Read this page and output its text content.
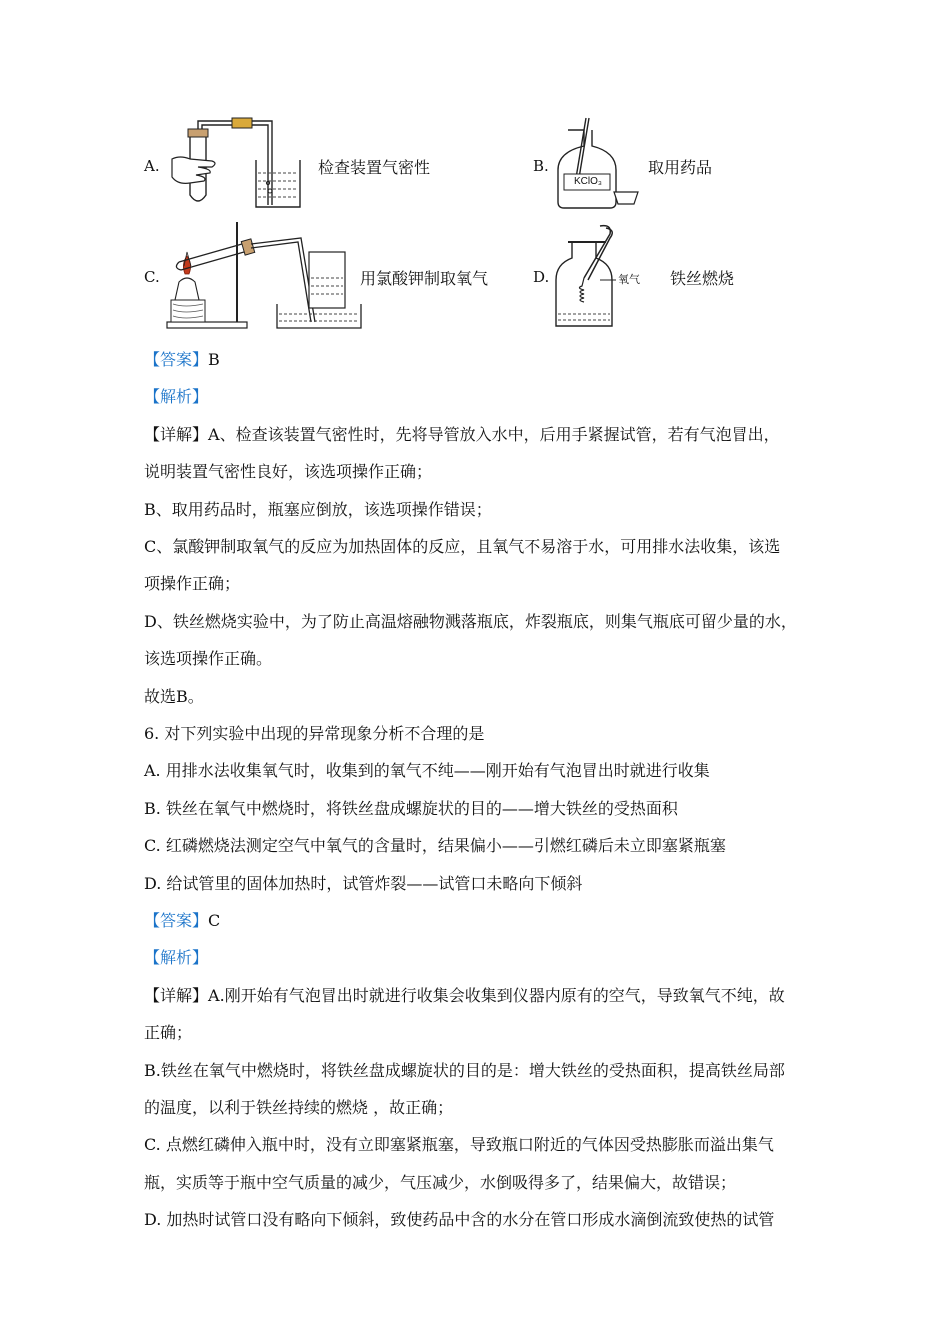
A.	检查装置气密性	B.
KClO₃
取用药品
C.	用氯酸钾制取氧气	D.	氧气 铁丝燃烧
【答案】B
【解析】
【详解】A、检查该装置气密性时，先将导管放入水中，后用手紧握试管，若有气泡冒出，
说明装置气密性良好，该选项操作正确；
B、取用药品时，瓶塞应倒放，该选项操作错误；
C、氯酸钾制取氧气的反应为加热固体的反应，且氧气不易溶于水，可用排水法收集，该选
项操作正确；
D、铁丝燃烧实验中，为了防止高温熔融物溅落瓶底，炸裂瓶底，则集气瓶底可留少量的水，
该选项操作正确。
故选B。
6. 对下列实验中出现的异常现象分析不合理的是
A. 用排水法收集氧气时，收集到的氧气不纯——刚开始有气泡冒出时就进行收集
B. 铁丝在氧气中燃烧时，将铁丝盘成螺旋状的目的——增大铁丝的受热面积
C. 红磷燃烧法测定空气中氧气的含量时，结果偏小——引燃红磷后未立即塞紧瓶塞
D. 给试管里的固体加热时，试管炸裂——试管口未略向下倾斜
【答案】C
【解析】
【详解】A.刚开始有气泡冒出时就进行收集会收集到仪器内原有的空气，导致氧气不纯，故
正确；
B.铁丝在氧气中燃烧时，将铁丝盘成螺旋状的目的是：增大铁丝的受热面积，提高铁丝局部
的温度，以利于铁丝持续的燃烧 ，故正确；
C. 点燃红磷伸入瓶中时，没有立即塞紧瓶塞，导致瓶口附近的气体因受热膨胀而溢出集气
瓶，实质等于瓶中空气质量的减少，气压减少，水倒吸得多了，结果偏大，故错误；
D. 加热时试管口没有略向下倾斜，致使药品中含的水分在管口形成水滴倒流致使热的试管
